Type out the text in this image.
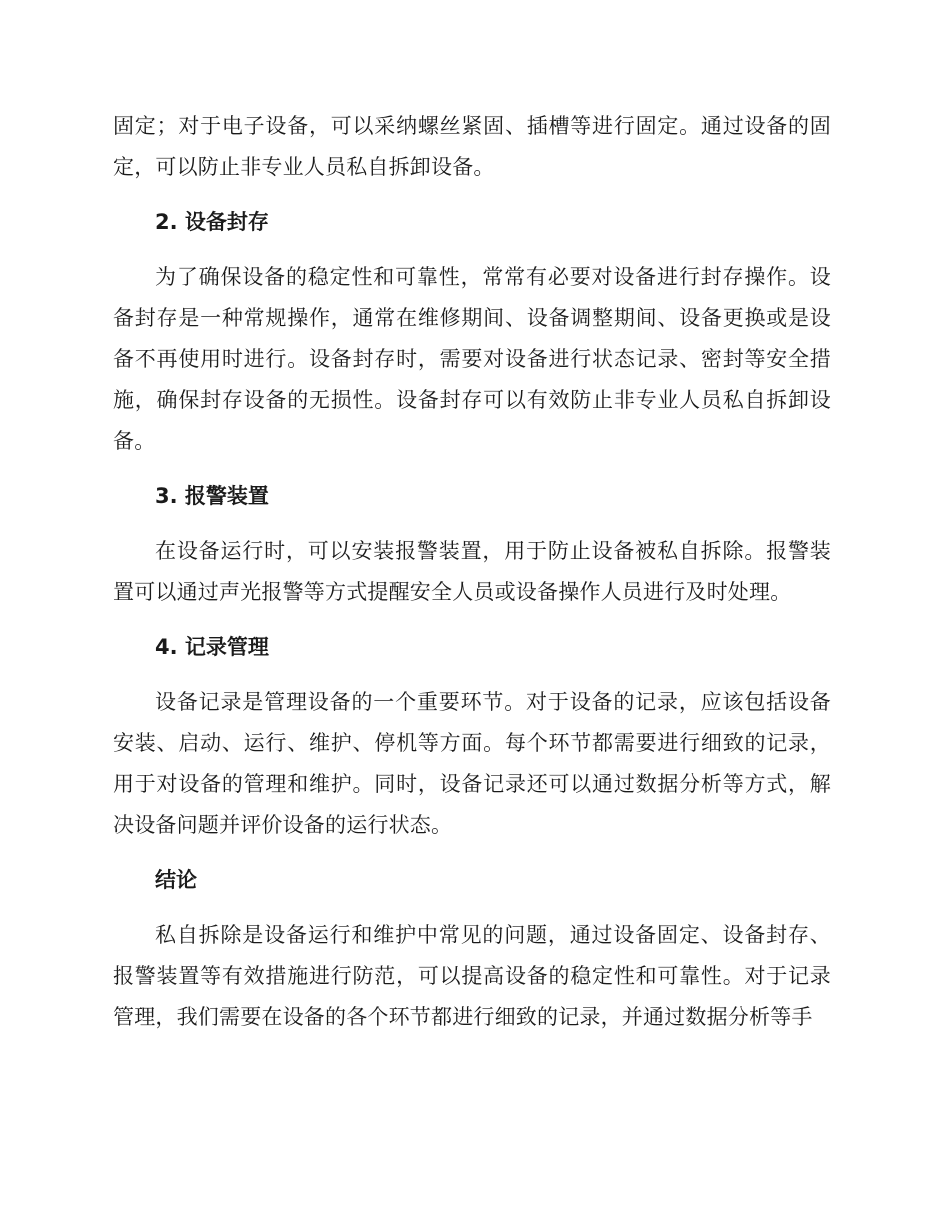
固定；对于电子设备，可以采纳螺丝紧固、插槽等进行固定。通过设备的固定，可以防止非专业人员私自拆卸设备。

2. 设备封存

为了确保设备的稳定性和可靠性，常常有必要对设备进行封存操作。设备封存是一种常规操作，通常在维修期间、设备调整期间、设备更换或是设备不再使用时进行。设备封存时，需要对设备进行状态记录、密封等安全措施，确保封存设备的无损性。设备封存可以有效防止非专业人员私自拆卸设备。

3. 报警装置

在设备运行时，可以安装报警装置，用于防止设备被私自拆除。报警装置可以通过声光报警等方式提醒安全人员或设备操作人员进行及时处理。

4. 记录管理

设备记录是管理设备的一个重要环节。对于设备的记录，应该包括设备安装、启动、运行、维护、停机等方面。每个环节都需要进行细致的记录，用于对设备的管理和维护。同时，设备记录还可以通过数据分析等方式，解决设备问题并评价设备的运行状态。

结论

私自拆除是设备运行和维护中常见的问题，通过设备固定、设备封存、报警装置等有效措施进行防范，可以提高设备的稳定性和可靠性。对于记录管理，我们需要在设备的各个环节都进行细致的记录，并通过数据分析等手
